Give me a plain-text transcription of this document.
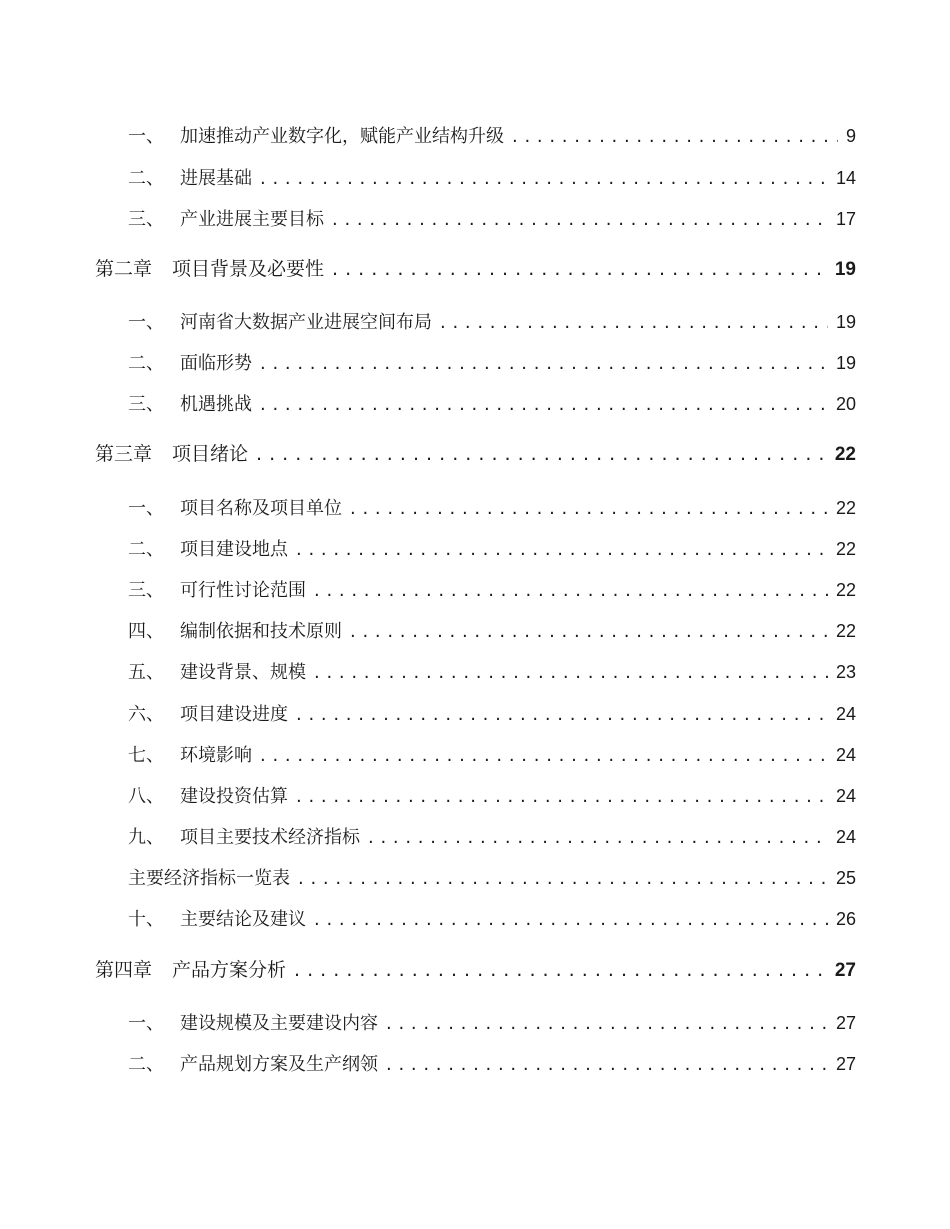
一、 加速推动产业数字化，赋能产业结构升级 . . .	9
二、 进展基础 . . .	14
三、 产业进展主要目标 . . .	17
第二章	项目背景及必要性 . . .	19
一、 河南省大数据产业进展空间布局 . . .	19
二、 面临形势 . . .	19
三、 机遇挑战 . . .	20
第三章	项目绪论 . . .	22
一、 项目名称及项目单位 . . .	22
二、 项目建设地点 . . .	22
三、 可行性讨论范围 . . .	22
四、 编制依据和技术原则 . . .	22
五、 建设背景、规模 . . .	23
六、 项目建设进度 . . .	24
七、 环境影响 . . .	24
八、 建设投资估算 . . .	24
九、 项目主要技术经济指标 . . .	24
主要经济指标一览表 . . .	25
十、 主要结论及建议 . . .	26
第四章	产品方案分析 . . .	27
一、 建设规模及主要建设内容 . . .	27
二、 产品规划方案及生产纲领 . . .	27
